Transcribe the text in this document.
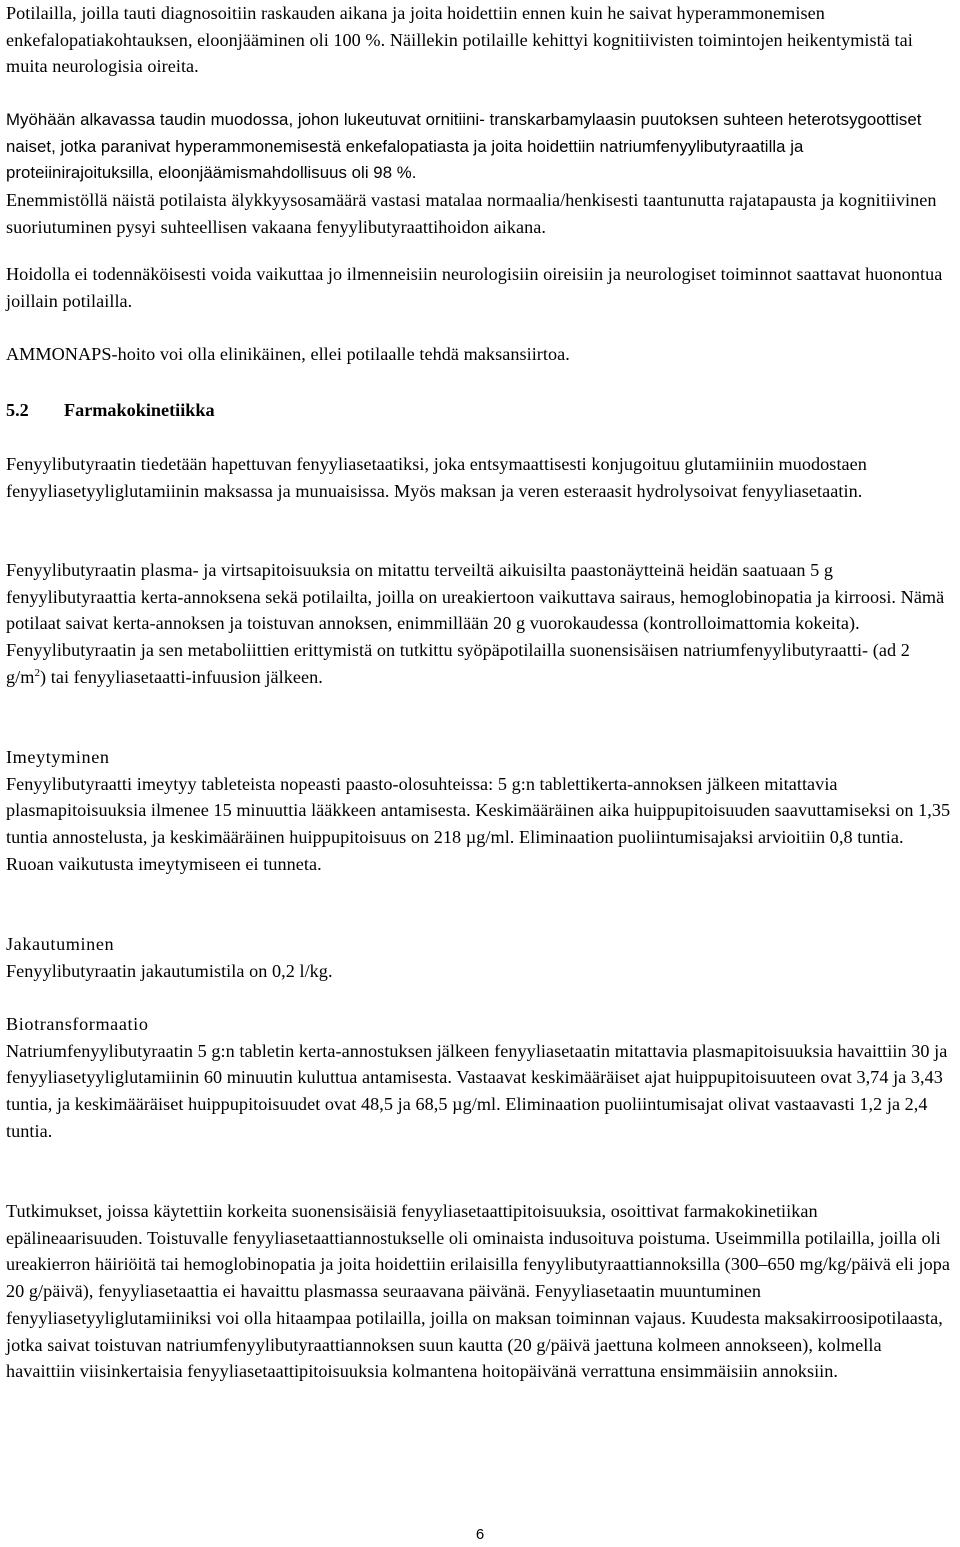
Potilailla, joilla tauti diagnosoitiin raskauden aikana ja joita hoidettiin ennen kuin he saivat hyperammonemisen enkefalopatiakohtauksen, eloonjääminen oli 100 %. Näillekin potilaille kehittyi kognitiivisten toimintojen heikentymistä tai muita neurologisia oireita.

Myöhään alkavassa taudin muodossa, johon lukeutuvat ornitiini- transkarbamylaasin puutoksen suhteen heterotsygoottiset naiset, jotka paranivat hyperammonemisestä enkefalopatiasta ja joita hoidettiin natriumfenyylibutyraatilla ja proteiinirajoituksilla, eloonjäämismahdollisuus oli 98 %.

Enemmistöllä näistä potilaista älykkyysosamäärä vastasi matalaa normaalia/henkisesti taantunutta rajatapausta ja kognitiivinen suoriutuminen pysyi suhteellisen vakaana fenyylibutyraattihoidon aikana.

Hoidolla ei todennäköisesti voida vaikuttaa jo ilmenneisiin neurologisiin oireisiin ja neurologiset toiminnot saattavat huonontua joillain potilailla.

AMMONAPS-hoito voi olla elinikäinen, ellei potilaalle tehdä maksansiirtoa.

5.2 Farmakokinetiikka

Fenyylibutyraatin tiedetään hapettuvan fenyyliasetaatiksi, joka entsymaattisesti konjugoituu glutamiiniin muodostaen fenyyliasetyyliglutamiinin maksassa ja munuaisissa. Myös maksan ja veren esteraasit hydrolysoivat fenyyliasetaatin.

Fenyylibutyraatin plasma- ja virtsapitoisuuksia on mitattu terveiltä aikuisilta paastonäytteinä heidän saatuaan 5 g fenyylibutyraattia kerta-annoksena sekä potilailta, joilla on ureakiertoon vaikuttava sairaus, hemoglobinopatia ja kirroosi. Nämä potilaat saivat kerta-annoksen ja toistuvan annoksen, enimmillään 20 g vuorokaudessa (kontrolloimattomia kokeita). Fenyylibutyraatin ja sen metaboliittien erittymistä on tutkittu syöpäpotilailla suonensisäisen natriumfenyylibutyraatti- (ad 2 $g/m^2$) tai fenyyliasetaatti-infuusion jälkeen.

Imeytyminen

Fenyylibutyraatti imeytyy tableteista nopeasti paasto-olosuhteissa: 5 g:n tablettikerta-annoksen jälkeen mitattavia plasmapitoisuuksia ilmenee 15 minuuttia lääkkeen antamisesta. Keskimääräinen aika huippupitoisuuden saavuttamiseksi on 1,35 tuntia annostelusta, ja keskimääräinen huippupitoisuus on 218 µg/ml. Eliminaation puoliintumisajaksi arvioitiin 0,8 tuntia.

Ruoan vaikutusta imeytymiseen ei tunneta.

Jakautuminen

Fenyylibutyraatin jakautumistila on 0,2 l/kg.

Biotransformaatio

Natriumfenyylibutyraatin 5 g:n tabletin kerta-annostuksen jälkeen fenyyliasetaatin mitattavia plasmapitoisuuksia havaittiin 30 ja fenyyliasetyyliglutamiinin 60 minuutin kuluttua antamisesta. Vastaavat keskimääräiset ajat huippupitoisuuteen ovat 3,74 ja 3,43 tuntia, ja keskimääräiset huippupitoisuudet ovat 48,5 ja 68,5 µg/ml. Eliminaation puoliintumisajat olivat vastaavasti 1,2 ja 2,4 tuntia.

Tutkimukset, joissa käytettiin korkeita suonensisäisiä fenyyliasetaattipitoisuuksia, osoittivat farmakokinetiikan epälineaarisuuden. Toistuvalle fenyyliasetaattiannostukselle oli ominaista indusoituva poistuma. Useimmilla potilailla, joilla oli ureakierron häiriöitä tai hemoglobinopatia ja joita hoidettiin erilaisilla fenyylibutyraattiannoksilla (300–650 mg/kg/päivä eli jopa 20 g/päivä), fenyyliasetaattia ei havaittu plasmassa seuraavana päivänä. Fenyyliasetaatin muuntuminen fenyyliasetyyliglutamiiniksi voi olla hitaampaa potilailla, joilla on maksan toiminnan vajaus. Kuudesta maksakirroosipotilaasta, jotka saivat toistuvan natriumfenyylibutyraattiannoksen suun kautta (20 g/päivä jaettuna kolmeen annokseen), kolmella havaittiin viisinkertaisia fenyyliasetaattipitoisuuksia kolmantena hoitopäivänä verrattuna ensimmäisiin annoksiin.

6
